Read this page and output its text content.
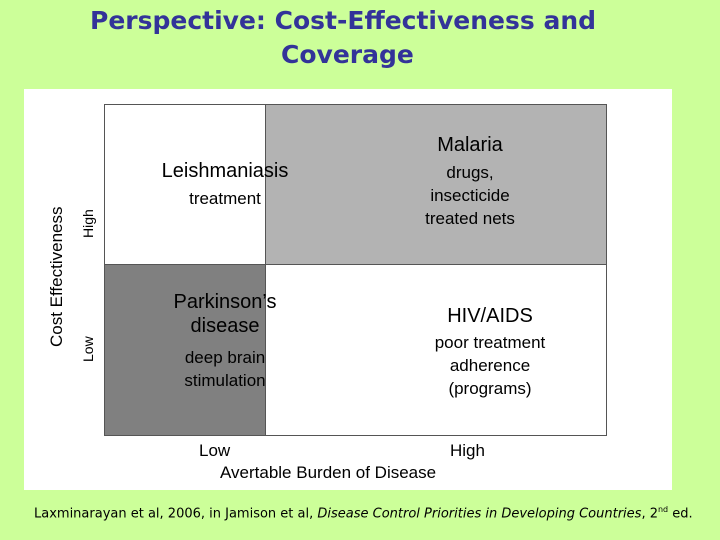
Perspective: Cost-Effectiveness and
Coverage
Cost Effectiveness High
Low
Leishmaniasis
treatment
Malaria
drugs,
insecticide
treated nets
Parkinson’s
disease
deep brain
stimulation
HIV/AIDS
poor treatment
adherence
(programs)
Low	High
Avertable Burden of Disease
Laxminarayan et al, 2006, in Jamison et al, Disease Control Priorities in Developing Countries, 2nd ed.
